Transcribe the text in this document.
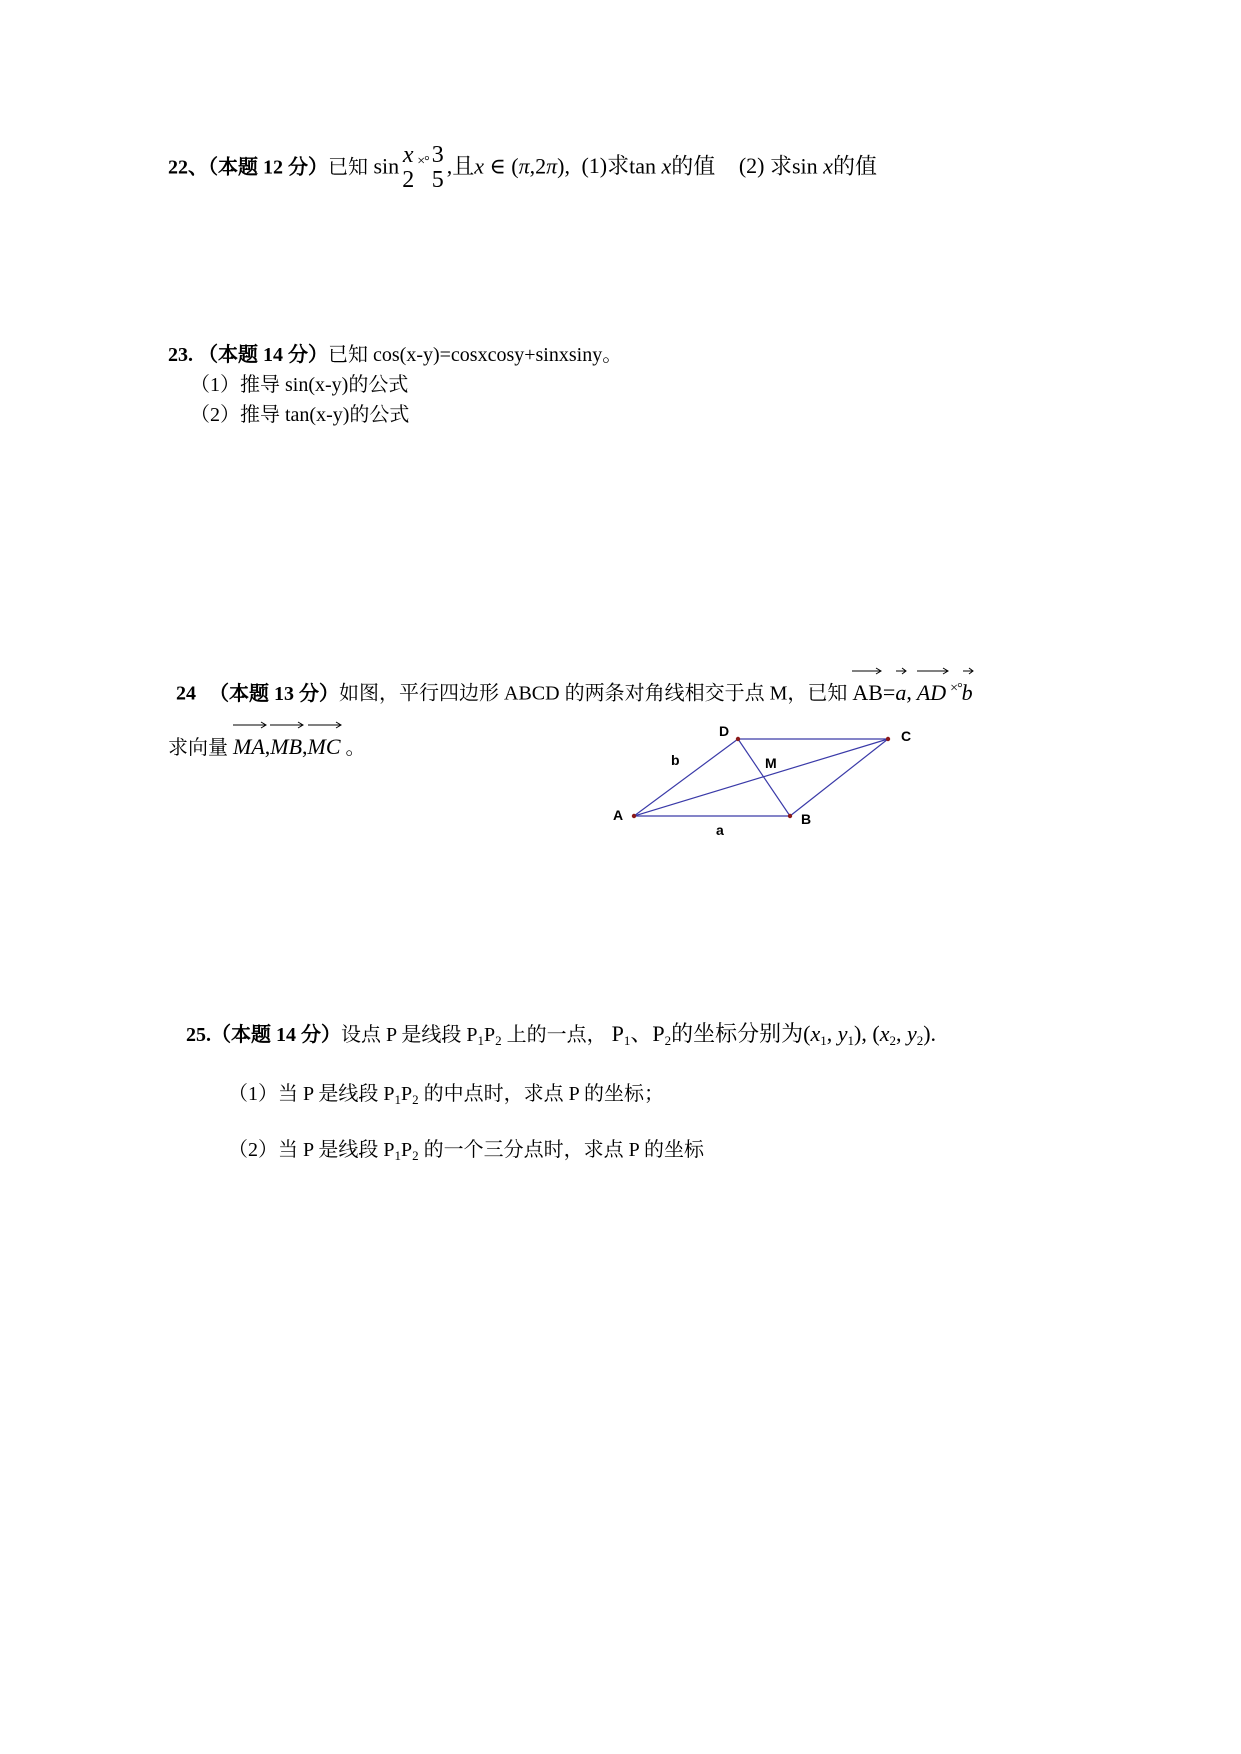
22、（本题 12 分）已知 sin x
2
×° 3
5
,且x ∈ (π,2π), (1)求tan x的值 (2) 求sin x的值
23. （本题 14 分）已知 cos(x-y)=cosxcosy+sinxsiny。
（1）推导 sin(x-y)的公式
（2）推导 tan(x-y)的公式
24 （本题 13 分）如图，平行四边形 ABCD 的两条对角线相交于点 M，已知 AB=
a, AD ×°
b
求向量 MA,
MB,
MC 。
A	B
C
D
M
a
b
25.（本题 14 分）设点 P 是线段 $P_1P_2$ 上的一点， $P_1$、$P_2$的坐标分别为($x_1$, $y_1$), ($x_2$, $y_2$).
（1）当 P 是线段 $P_1P_2$ 的中点时，求点 P 的坐标；
（2）当 P 是线段 $P_1P_2$ 的一个三分点时，求点 P 的坐标
